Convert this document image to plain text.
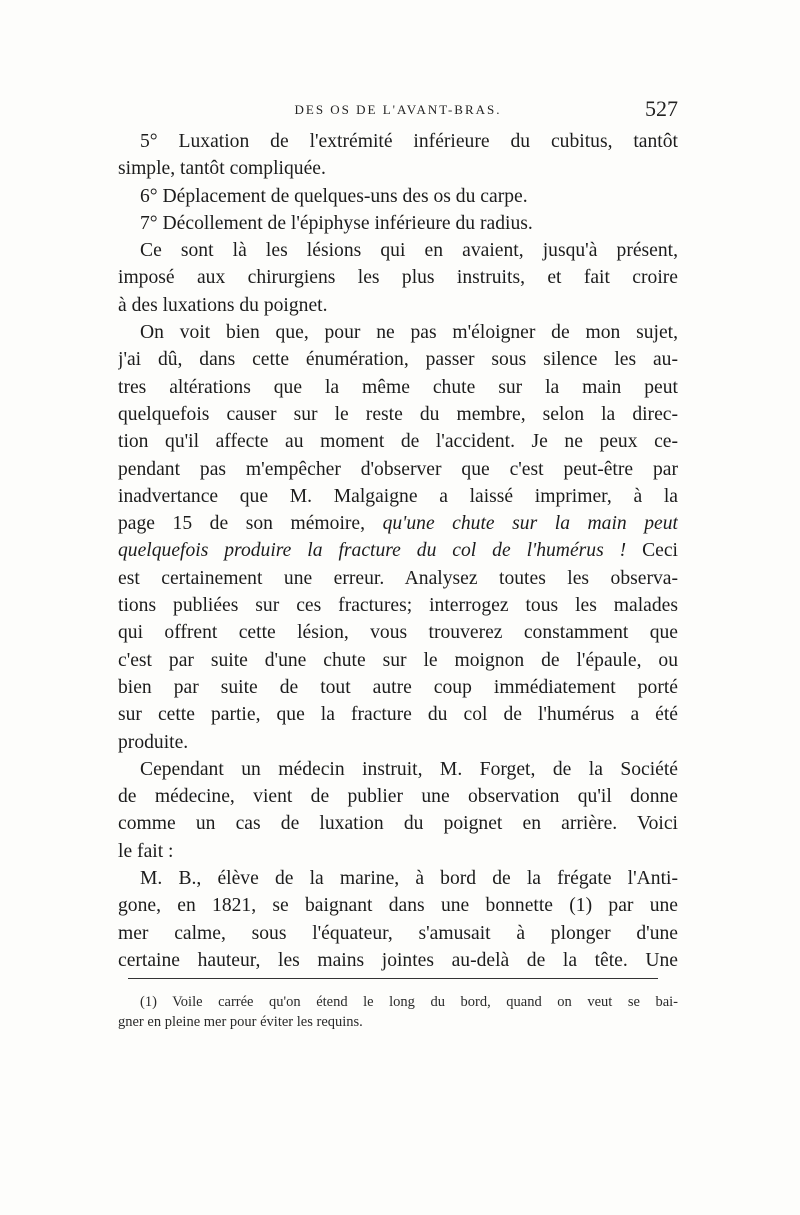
DES OS DE L'AVANT-BRAS.	527
5° Luxation de l'extrémité inférieure du cubitus, tantôt
simple, tantôt compliquée.
6° Déplacement de quelques-uns des os du carpe.
7° Décollement de l'épiphyse inférieure du radius.
Ce sont là les lésions qui en avaient, jusqu'à présent,
imposé aux chirurgiens les plus instruits, et fait croire
à des luxations du poignet.
On voit bien que, pour ne pas m'éloigner de mon sujet,
j'ai dû, dans cette énumération, passer sous silence les au-
tres altérations que la même chute sur la main peut
quelquefois causer sur le reste du membre, selon la direc-
tion qu'il affecte au moment de l'accident. Je ne peux ce-
pendant pas m'empêcher d'observer que c'est peut-être par
inadvertance que M. Malgaigne a laissé imprimer, à la
page 15 de son mémoire, qu'une chute sur la main peut
quelquefois produire la fracture du col de l'humérus ! Ceci
est certainement une erreur. Analysez toutes les observa-
tions publiées sur ces fractures; interrogez tous les malades
qui offrent cette lésion, vous trouverez constamment que
c'est par suite d'une chute sur le moignon de l'épaule, ou
bien par suite de tout autre coup immédiatement porté
sur cette partie, que la fracture du col de l'humérus a été
produite.
Cependant un médecin instruit, M. Forget, de la Société
de médecine, vient de publier une observation qu'il donne
comme un cas de luxation du poignet en arrière. Voici
le fait :
M. B., élève de la marine, à bord de la frégate l'Anti-
gone, en 1821, se baignant dans une bonnette (1) par une
mer calme, sous l'équateur, s'amusait à plonger d'une
certaine hauteur, les mains jointes au-delà de la tête. Une
(1) Voile carrée qu'on étend le long du bord, quand on veut se bai-
gner en pleine mer pour éviter les requins.
